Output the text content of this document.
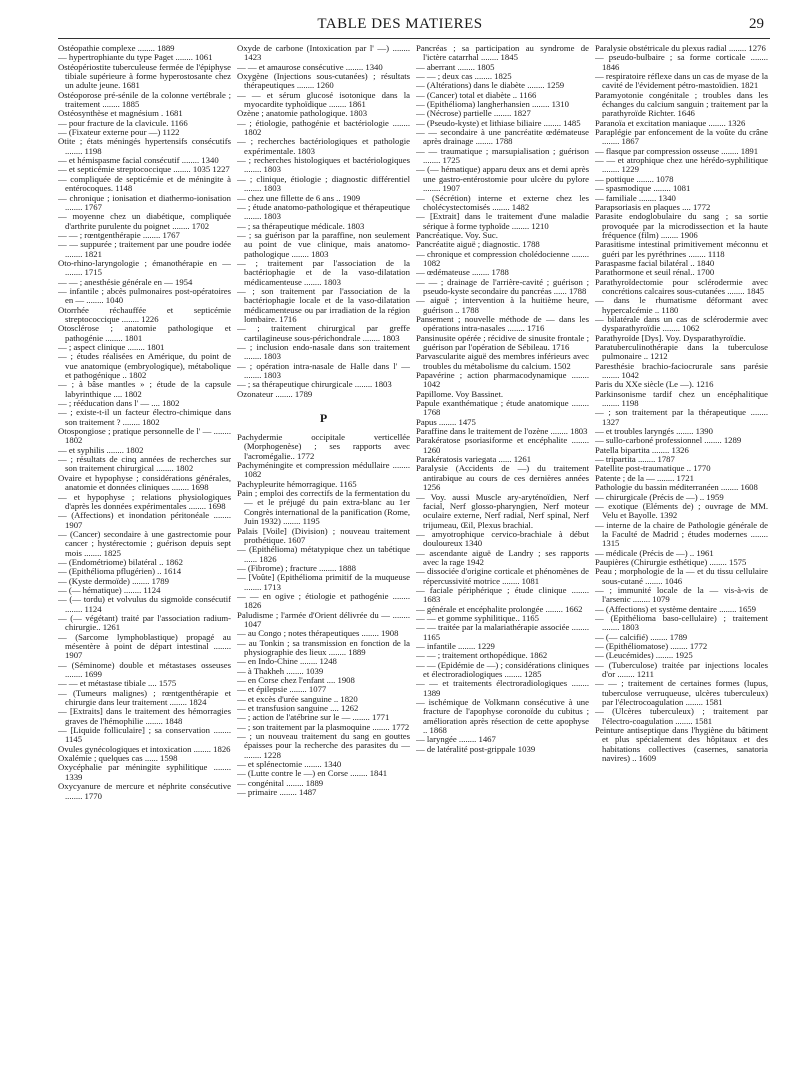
TABLE DES MATIERES	29
Ostéopathie complexe ........ 1889
— hypertrophiante du type Paget ........ 1061
Ostéopériostite tuberculeuse fermée de l'épiphyse tibiale supérieure à forme hyperostosante chez un adulte jeune. 1681
Ostéoporose pré-sénile de la colonne vertébrale ; traitement ........ 1885
Ostéosynthèse et magnésium . 1681
— pour fracture de la clavicule. 1166
— (Fixateur externe pour —) 1122
Otite ; états méningés hypertensifs consécutifs ........ 1198
— et hémispasme facial consécutif ........ 1340
— et septicémie streptococcique ........ 1035 1227
— compliquée de septicémie et de méningite à entérocoques. 1148
— chronique ; ionisation et diathermo-ionisation ........ 1767
— moyenne chez un diabétique, compliquée d'arthrite purulente du poignet ........ 1702
— — ; rœntgenthérapie ........ 1767
— — suppurée ; traitement par une poudre iodée ........ 1821
Oto-rhino-laryngologie ; émanothérapie en — ........ 1715
— — ; anesthésie générale en — 1954
— infantile ; abcès pulmonaires post-opératoires en — ........ 1040
Otorrhée réchauffée et septicémie streptococcique ........ 1226
Otosclérose ; anatomie pathologique et pathogénie ........ 1801
— ; aspect clinique ........ 1801
— ; études réalisées en Amérique, du point de vue anatomique (embryologique), métabolique et pathogénique .. 1802
— ; à bâse mantles » ; étude de la capsule labyrinthique .... 1802
— ; rééducation dans l' — .... 1802
— ; existe-t-il un facteur électro-chimique dans son traitement ? ........ 1802
Otospongiose ; pratique personnelle de l' — ........ 1802
— et syphilis ........ 1802
— ; résultats de cinq années de recherches sur son traitement chirurgical ........ 1802
Ovaire et hypophyse ; considérations générales, anatomie et données cliniques ........ 1698
— et hypophyse ; relations physiologiques d'après les données expérimentales ........ 1698
— (Affections) et inondation péritonéale ........ 1907
— (Cancer) secondaire à une gastrectomie pour cancer ; hystérectomie ; guérison depuis sept mois ........ 1825
— (Endométriome) bilatéral .. 1862
— (Epithélioma pflugérien) .. 1614
— (Kyste dermoïde) ........ 1789
— (— hématique) ........ 1124
— (— tordu) et volvulus du sigmoïde consécutif ........ 1124
— (— végétant) traité par l'association radium-chirurgie.. 1261
— (Sarcome lymphoblastique) propagé au mésentère à point de départ intestinal ........ 1907
— (Séminome) double et métastases osseuses ........ 1699
— — et métastase tibiale .... 1575
— (Tumeurs malignes) ; rœntgenthérapie et chirurgie dans leur traitement ........ 1824
— [Extraits] dans le traitement des hémorragies graves de l'hémophilie ........ 1848
— [Liquide folliculaire] ; sa conservation ........ 1145
Ovules gynécologiques et intoxication ........ 1826
Oxalémie ; quelques cas ...... 1598
Oxycéphalie par méningite syphilitique ........ 1339
Oxycyanure de mercure et néphrite consécutive ........ 1770
Oxyde de carbone (Intoxication par l' —) ........ 1423
— — et amaurose consécutive ........ 1340
Oxygène (Injections sous-cutanées) ; résultats thérapeutiques ........ 1260
— — et sérum glucosé isotonique dans la myocardite typhoïdique ........ 1861
Ozène ; anatomie pathologique. 1803
— ; étiologie, pathogénie et bactériologie ........ 1802
— ; recherches bactériologiques et pathologie expérimentale. 1803
— ; recherches histologiques et bactériologiques ........ 1803
— ; clinique, étiologie ; diagnostic différentiel ........ 1803
— chez une fillette de 6 ans .. 1909
— ; étude anatomo-pathologique et thérapeutique ........ 1803
— ; sa thérapeutique médicale. 1803
— ; sa guérison par la paraffine, non seulement au point de vue clinique, mais anatomo-pathologique ........ 1803
— ; traitement par l'association de la bactériophagie et de la vaso-dilatation médicamenteuse ........ 1803
— ; son traitement par l'association de la bactériophagie locale et de la vaso-dilatation médicamenteuse ou par irradiation de la région lombaire. 1716
— ; traitement chirurgical par greffe cartilagineuse sous-périchondrale ........ 1803
— ; inclusion endo-nasale dans son traitement ........ 1803
— ; opération intra-nasale de Halle dans l' — ........ 1803
— ; sa thérapeutique chirurgicale ........ 1803
Ozonateur ........ 1789
P
Pachydermie occipitale verticellée (Morphogenèse) ; ses rapports avec l'acromégalie.. 1772
Pachyméningite et compression médullaire ........ 1082
Pachypleurite hémorragique. 1165
Pain ; emploi des correctifs de la fermentation du — et le préjugé du pain extra-blanc au 1er Congrès international de la panification (Rome, Juin 1932) ........ 1195
Palais [Voile] (Division) ; nouveau traitement prothétique. 1607
— (Epithélioma) métatypique chez un tabétique ...... 1826
— (Fibrome) ; fracture ........ 1888
— [Voûte] (Epithélioma primitif de la muqueuse ........ 1713
— — en ogive ; étiologie et pathogénie ........ 1826
Paludisme ; l'armée d'Orient délivrée du — ........ 1047
— au Congo ; notes thérapeutiques ........ 1908
— au Tonkin ; sa transmission en fonction de la physiographie des lieux ........ 1889
— en Indo-Chine ........ 1248
— à Thakheh ........ 1039
— en Corse chez l'enfant .... 1908
— et épilepsie ........ 1077
— et excès d'urée sanguine .. 1820
— et transfusion sanguine .... 1262
— ; action de l'atébrine sur le — ........ 1771
— ; son traitement par la plasmoquine ........ 1772
— ; un nouveau traitement du sang en gouttes épaisses pour la recherche des parasites du — ........ 1228
— et splénectomie ........ 1340
— (Lutte contre le —) en Corse ........ 1841
— congénital ........ 1889
— primaire ........ 1487
Pancréas ; sa participation au syndrome de l'ictère catarrhal ........ 1845
— aberrant ........ 1805
— — ; deux cas ........ 1825
— (Altérations) dans le diabète ........ 1259
— (Cancer) total et diabète .. 1166
— (Epithélioma) langherhansien ........ 1310
— (Nécrose) partielle ........ 1827
— (Pseudo-kyste) et lithiase biliaire ........ 1485
— — secondaire à une pancréatite œdémateuse après drainage ........ 1788
— — traumatique ; marsupialisation ; guérison ........ 1725
— (— hématique) apparu deux ans et demi après une gastro-entérostomie pour ulcère du pylore ........ 1907
— (Sécrétion) interne et externe chez les cholécystectomisés ........ 1482
— [Extrait] dans le traitement d'une maladie sérique à forme typhoïde ........ 1210
Pancréatique. Voy. Suc.
Pancréatite aiguë ; diagnostic. 1788
— chronique et compression cholédocienne ........ 1082
— œdémateuse ........ 1788
— — ; drainage de l'arrière-cavité ; guérison ; pseudo-kyste secondaire du pancréas ...... 1788
— aiguë ; intervention à la huitième heure, guérison .. 1788
Pansement ; nouvelle méthode de — dans les opérations intra-nasales ........ 1716
Pansinusite opérée ; récidive de sinusite frontale ; guérison par l'opération de Sébileau. 1716
Parvascularite aiguë des membres inférieurs avec troubles du métabolisme du calcium. 1502
Papavérine ; action pharmacodynamique ........ 1042
Papillome. Voy Bassinet.
Papule exanthématique ; étude anatomique ........ 1768
Papus ........ 1475
Paraffine dans le traitement de l'ozène ........ 1803
Parakératose psoriasiforme et encéphalite ........ 1260
Parakératosis variegata ...... 1261
Paralysie (Accidents de —) du traitement antirabique au cours de ces dernières années 1256
— Voy. aussi Muscle ary-aryténoïdien, Nerf facial, Nerf glosso-pharyngien, Nerf moteur oculaire externe, Nerf radial, Nerf spinal, Nerf trijumeau, Œil, Plexus brachial.
— amyotrophique cervico-brachiale à début douloureux 1340
— ascendante aiguë de Landry ; ses rapports avec la rage 1942
— dissociée d'origine corticale et phénomènes de répercussivité motrice ........ 1081
— faciale périphérique ; étude clinique ........ 1683
— générale et encéphalite prolongée ........ 1662
— — et gomme syphilitique.. 1165
— — traitée par la malariathérapie associée ........ 1165
— infantile ........ 1229
— — ; traitement orthopédique. 1862
— — (Epidémie de —) ; considérations cliniques et électroradiologiques ........ 1285
— — et traitements électroradiologiques ........ 1389
— ischémique de Volkmann consécutive à une fracture de l'apophyse coronoïde du cubitus ; amélioration après résection de cette apophyse .. 1868
— laryngée ........ 1467
— de latéralité post-grippale 1039
Paralysie obstétricale du plexus radial ........ 1276
— pseudo-bulbaire ; sa forme corticale ........ 1846
— respiratoire réflexe dans un cas de myase de la cavité de l'évidement pétro-mastoïdien. 1821
Paramyotonie congénitale ; troubles dans les échanges du calcium sanguin ; traitement par la parathyroïde Richter. 1646
Paranoïa et excitation maniaque ........ 1326
Paraplégie par enfoncement de la voûte du crâne ........ 1867
— flasque par compression osseuse ........ 1891
— — et atrophique chez une hérédo-syphilitique ........ 1229
— pottique ........ 1078
— spasmodique ........ 1081
— familiale ........ 1340
Parapsoriasis en plaques .... 1772
Parasite endoglobulaire du sang ; sa sortie provoquée par la microdissection et la haute fréquence (film) ........ 1906
Parasitisme intestinal primitivement méconnu et guéri par les pyréthrines ........ 1118
Paraspasme facial bilatéral .. 1840
Parathormone et seuil rénal.. 1700
Parathyroïdectomie pour sclérodermie avec concrétions calcaires sous-cutanées ........ 1845
— dans le rhumatisme déformant avec hypercalcémie .. 1180
— bilatérale dans un cas de sclérodermie avec dysparathyroïdie ........ 1062
Parathyroïde [Dys]. Voy. Dysparathyroïdie.
Paratuberculinothérapie dans la tuberculose pulmonaire .. 1212
Paresthésie brachio-faciocrurale sans parésie ........ 1042
Paris du XXe siècle (Le —). 1216
Parkinsonisme tardif chez un encéphalitique ........ 1198
— ; son traitement par la thérapeutique ........ 1327
— et troubles laryngés ........ 1390
— sullo-carboné professionnel ........ 1289
Patella bipartita ........ 1326
— tripartita ........ 1787
Patellite post-traumatique .. 1770
Patente ; de la — ........ 1721
Pathologie du bassin méditerranéen ........ 1608
— chirurgicale (Précis de —) .. 1959
— exotique (Eléments de) ; ouvrage de MM. Velu et Bayolle. 1392
— interne de la chaire de Pathologie générale de la Faculté de Madrid ; études modernes ........ 1315
— médicale (Précis de —) .. 1961
Paupières (Chirurgie esthétique) ........ 1575
Peau ; morphologie de la — et du tissu cellulaire sous-cutané ........ 1046
— ; immunité locale de la — vis-à-vis de l'arsenic ........ 1079
— (Affections) et système dentaire ........ 1659
— (Epithélioma baso-cellulaire) ; traitement ........ 1803
— (— calcifié) ........ 1789
— (Epithéliomatose) ........ 1772
— (Leucémides) ........ 1925
— (Tuberculose) traitée par injections locales d'or ........ 1211
— — ; traitement de certaines formes (lupus, tuberculose verruqueuse, ulcères tuberculeux) par l'électrocoagulation ........ 1581
— (Ulcères tuberculeux) ; traitement par l'électro-coagulation ........ 1581
Peinture antiseptique dans l'hygiène du bâtiment et plus spécialement des hôpitaux et des habitations collectives (casernes, sanatoria navires) .. 1609
